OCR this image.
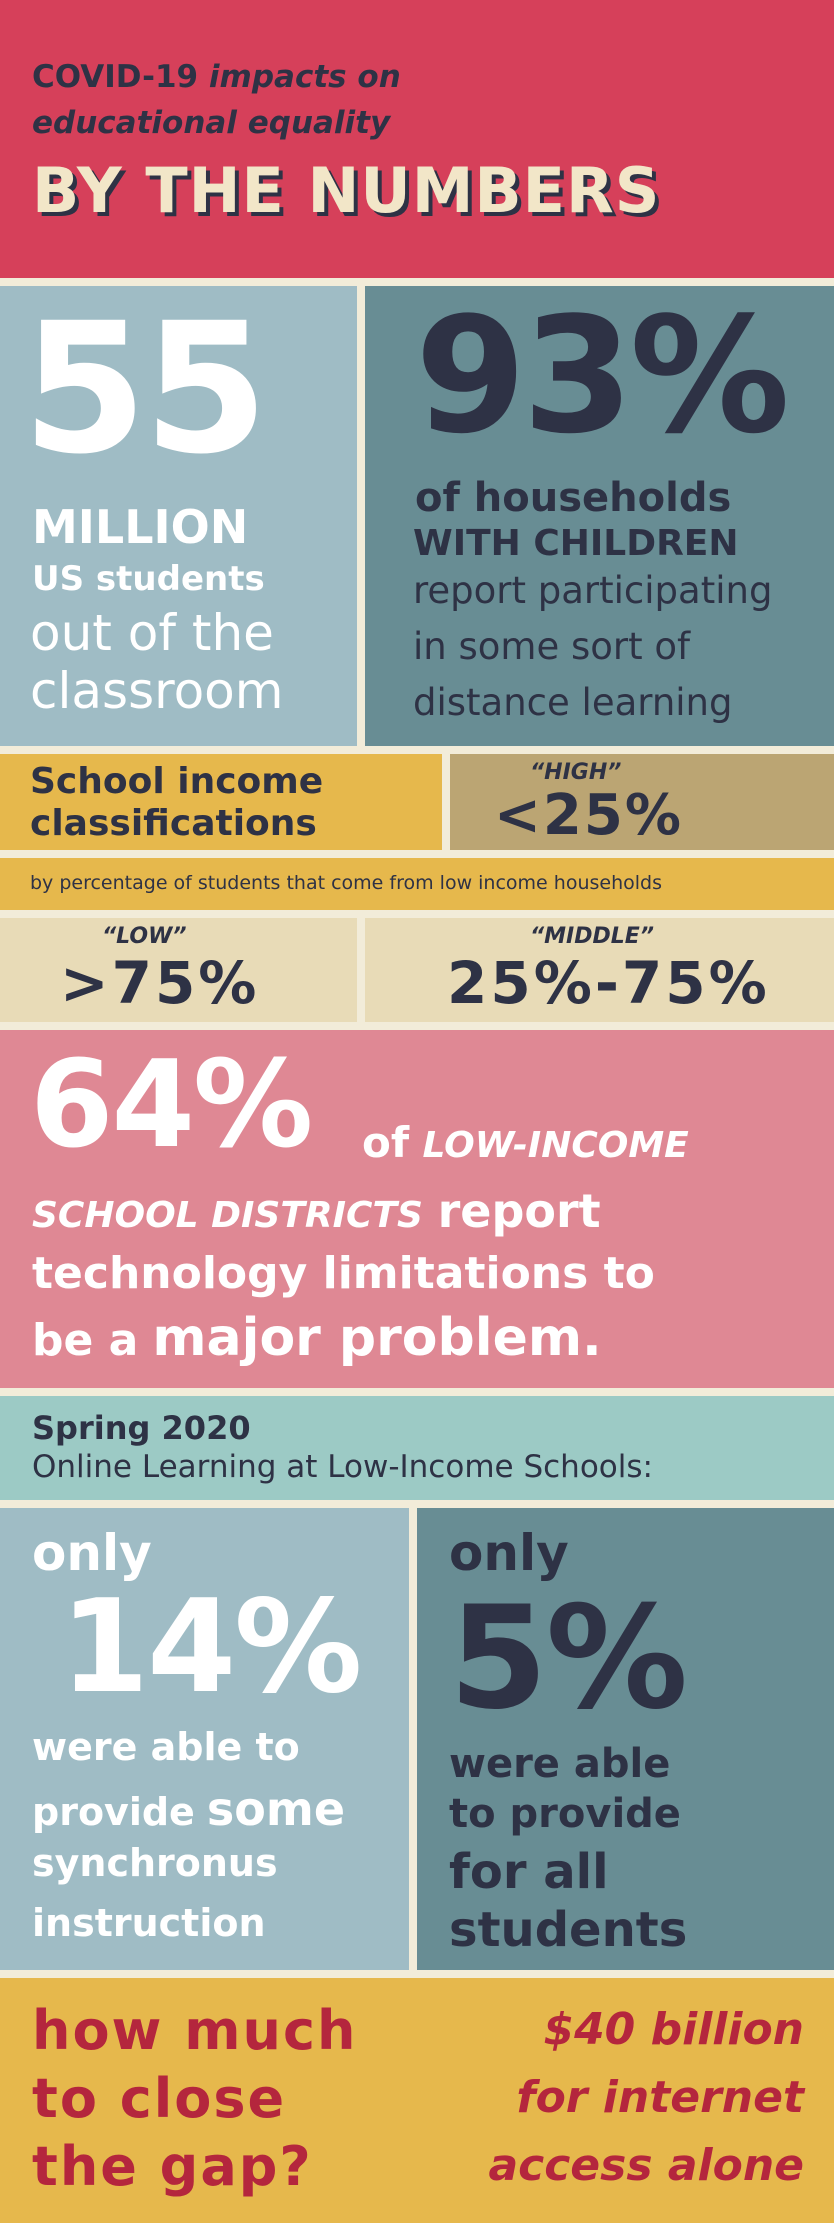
COVID-19 impacts on

educational equality

BY THE NUMBERS

55

MILLION

US students

out of the

classroom

93%

of households

WITH CHILDREN

report participating

in some sort of

distance learning

School income

classifications

“HIGH”

<25%

by percentage of students that come from low income households

“LOW”

>75%

“MIDDLE”

25%-75%

64% of LOW-INCOME

SCHOOL DISTRICTS report

technology limitations to

be a major problem.

Spring 2020

Online Learning at Low-Income Schools:

only

14%

were able to

provide some

synchronus

instruction

only

5%

were able

to provide

for all

students

how much

to close

the gap?

$40 billion

for internet

access alone
